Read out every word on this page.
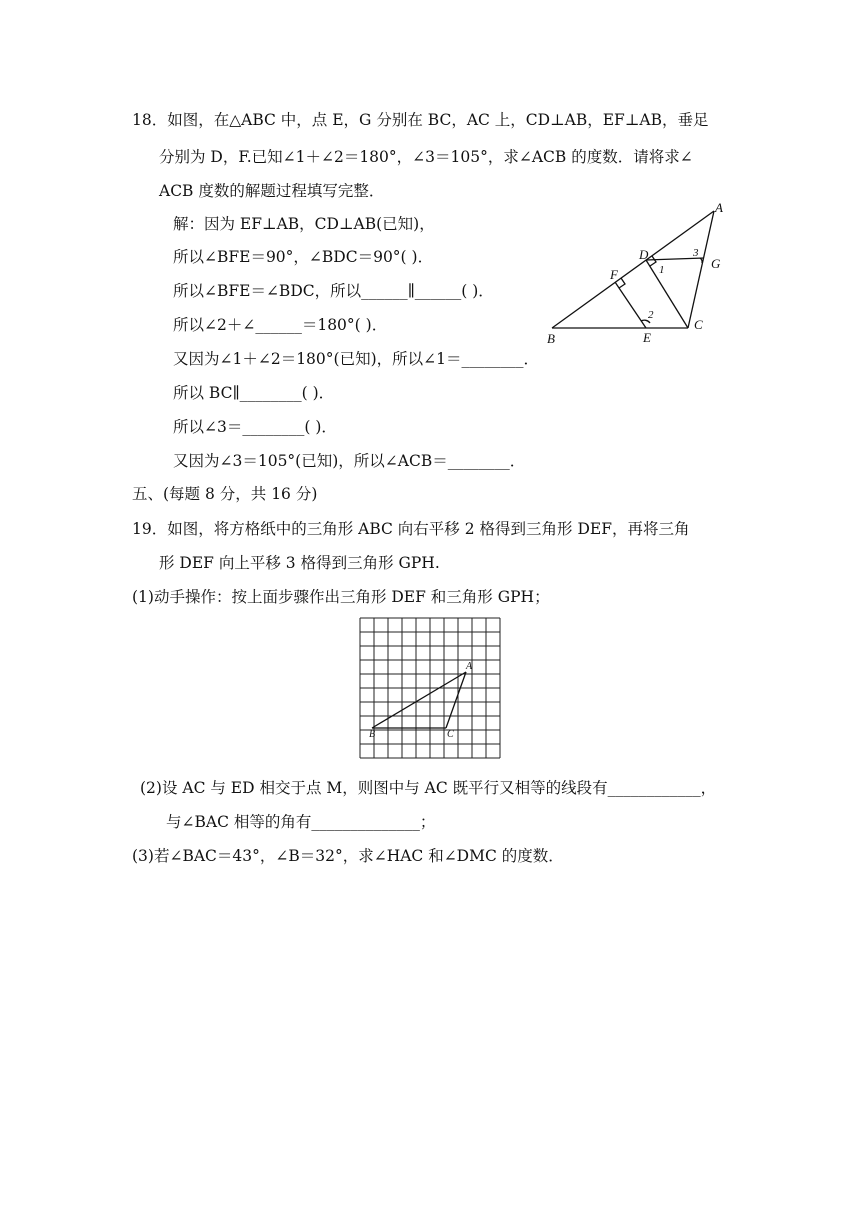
18．如图，在△ABC 中，点 E，G 分别在 BC，AC 上，CD⊥AB，EF⊥AB，垂足
分别为 D，F.已知∠1＋∠2＝180°，∠3＝105°，求∠ACB 的度数．请将求∠
ACB 度数的解题过程填写完整．
解：因为 EF⊥AB，CD⊥AB(已知)，
所以∠BFE＝90°，∠BDC＝90°( )．
所以∠BFE＝∠BDC，所以______∥______( )．
所以∠2＋∠______＝180°( )．
又因为∠1＋∠2＝180°(已知)，所以∠1＝________．
所以 BC∥________( )．
所以∠3＝________( )．
又因为∠3＝105°(已知)，所以∠ACB＝________．
A
B
C
D
E
F
G
1
2
3
五、(每题 8 分，共 16 分)
19．如图，将方格纸中的三角形 ABC 向右平移 2 格得到三角形 DEF，再将三角
形 DEF 向上平移 3 格得到三角形 GPH.
(1)动手操作：按上面步骤作出三角形 DEF 和三角形 GPH；
A
B	C
(2)设 AC 与 ED 相交于点 M，则图中与 AC 既平行又相等的线段有____________，
与∠BAC 相等的角有______________；
(3)若∠BAC＝43°，∠B＝32°，求∠HAC 和∠DMC 的度数．
